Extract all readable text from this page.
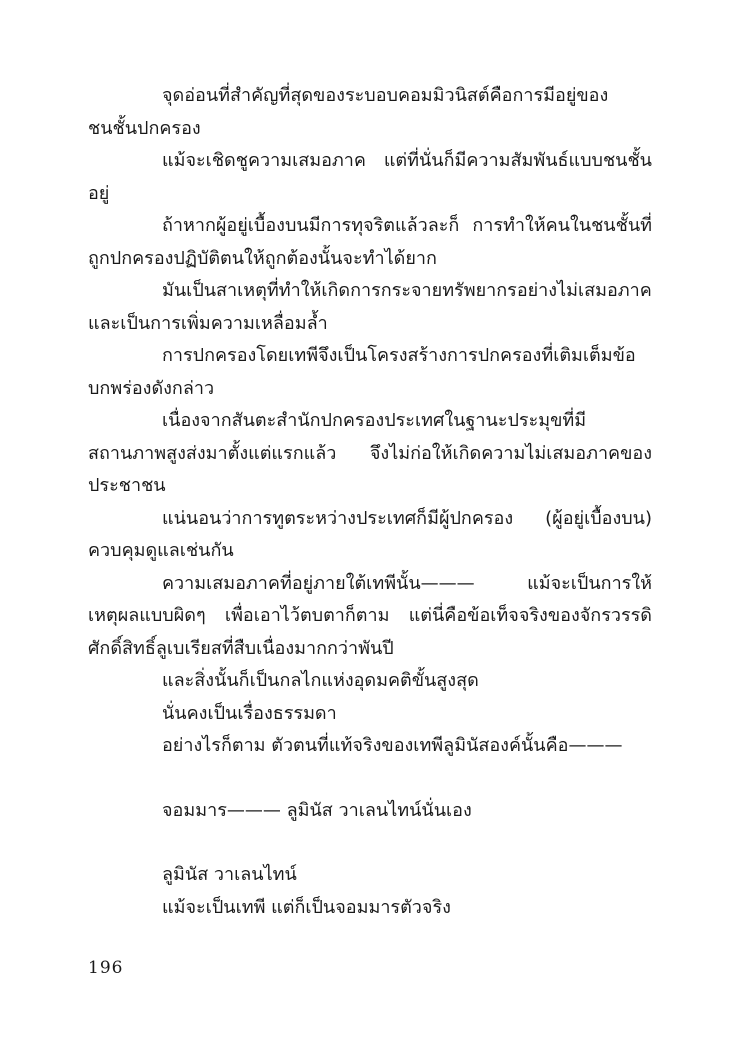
จุดอ่อนที่สำคัญที่สุดของระบอบคอมมิวนิสต์คือการมีอยู่ของชนชั้นปกครอง

แม้จะเชิดชูความเสมอภาค แต่ที่นั่นก็มีความสัมพันธ์แบบชนชั้นอยู่

ถ้าหากผู้อยู่เบื้องบนมีการทุจริตแล้วละก็ การทำให้คนในชนชั้นที่ถูกปกครองปฏิบัติตนให้ถูกต้องนั้นจะทำได้ยาก

มันเป็นสาเหตุที่ทำให้เกิดการกระจายทรัพยากรอย่างไม่เสมอภาคและเป็นการเพิ่มความเหลื่อมล้ำ

การปกครองโดยเทพีจึงเป็นโครงสร้างการปกครองที่เติมเต็มข้อบกพร่องดังกล่าว

เนื่องจากสันตะสำนักปกครองประเทศในฐานะประมุขที่มีสถานภาพสูงส่งมาตั้งแต่แรกแล้ว จึงไม่ก่อให้เกิดความไม่เสมอภาคของประชาชน

แน่นอนว่าการทูตระหว่างประเทศก็มีผู้ปกครอง (ผู้อยู่เบื้องบน) ควบคุมดูแลเช่นกัน

ความเสมอภาคที่อยู่ภายใต้เทพีนั้น——— แม้จะเป็นการให้เหตุผลแบบผิดๆ เพื่อเอาไว้ตบตาก็ตาม แต่นี่คือข้อเท็จจริงของจักรวรรดิศักดิ์สิทธิ์ลูเบเรียสที่สืบเนื่องมากกว่าพันปี

และสิ่งนั้นก็เป็นกลไกแห่งอุดมคติขั้นสูงสุด

นั่นคงเป็นเรื่องธรรมดา

อย่างไรก็ตาม ตัวตนที่แท้จริงของเทพีลูมินัสองค์นั้นคือ———

จอมมาร——— ลูมินัส วาเลนไทน์นั่นเอง

ลูมินัส วาเลนไทน์

แม้จะเป็นเทพี แต่ก็เป็นจอมมารตัวจริง

196
